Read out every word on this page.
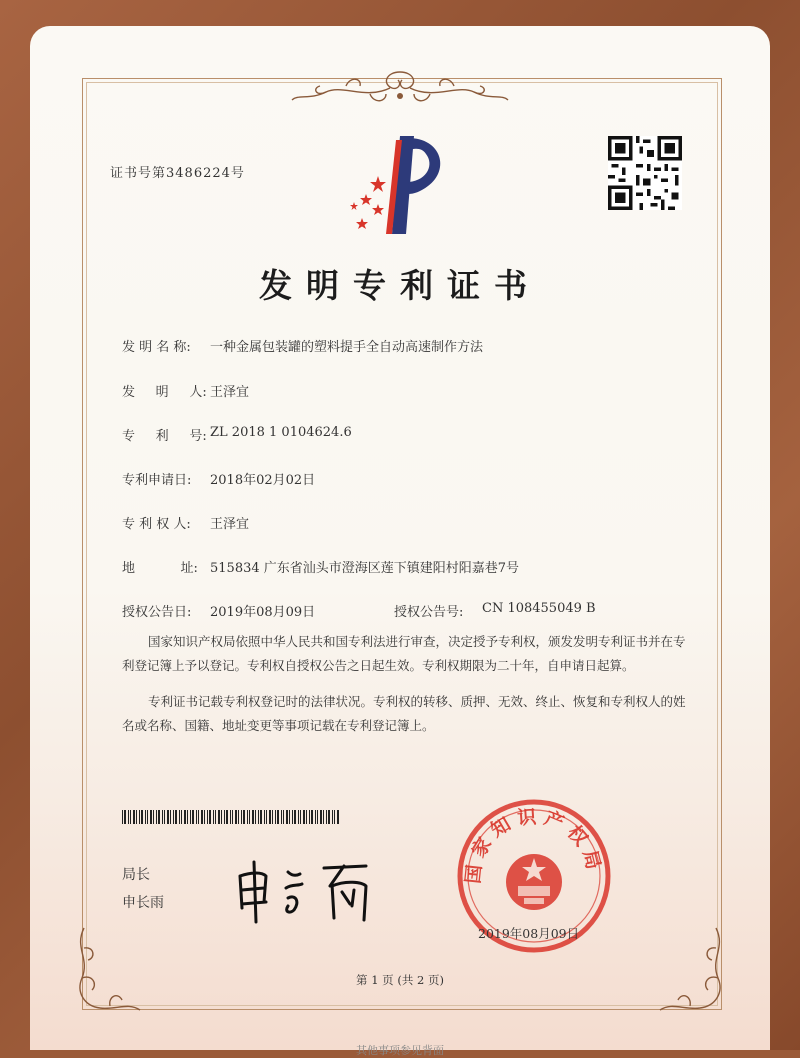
证书号第3486224号
发明专利证书
发 明 名 称: 一种金属包装罐的塑料提手全自动高速制作方法
发     明     人: 王泽宜
专     利     号: ZL 2018 1 0104624.6
专利申请日: 2018年02月02日
专 利 权 人: 王泽宜
地           址: 515834 广东省汕头市澄海区莲下镇建阳村阳嘉巷7号
授权公告日: 2019年08月09日	授权公告号: CN 108455049 B
国家知识产权局依照中华人民共和国专利法进行审查，决定授予专利权，颁发发明专利证书并在专利登记簿上予以登记。专利权自授权公告之日起生效。专利权期限为二十年，自申请日起算。
专利证书记载专利权登记时的法律状况。专利权的转移、质押、无效、终止、恢复和专利权人的姓名或名称、国籍、地址变更等事项记载在专利登记簿上。
局长
申长雨
国家知识产权局
2019年08月09日
第 1 页 (共 2 页)
其他事项参见背面
